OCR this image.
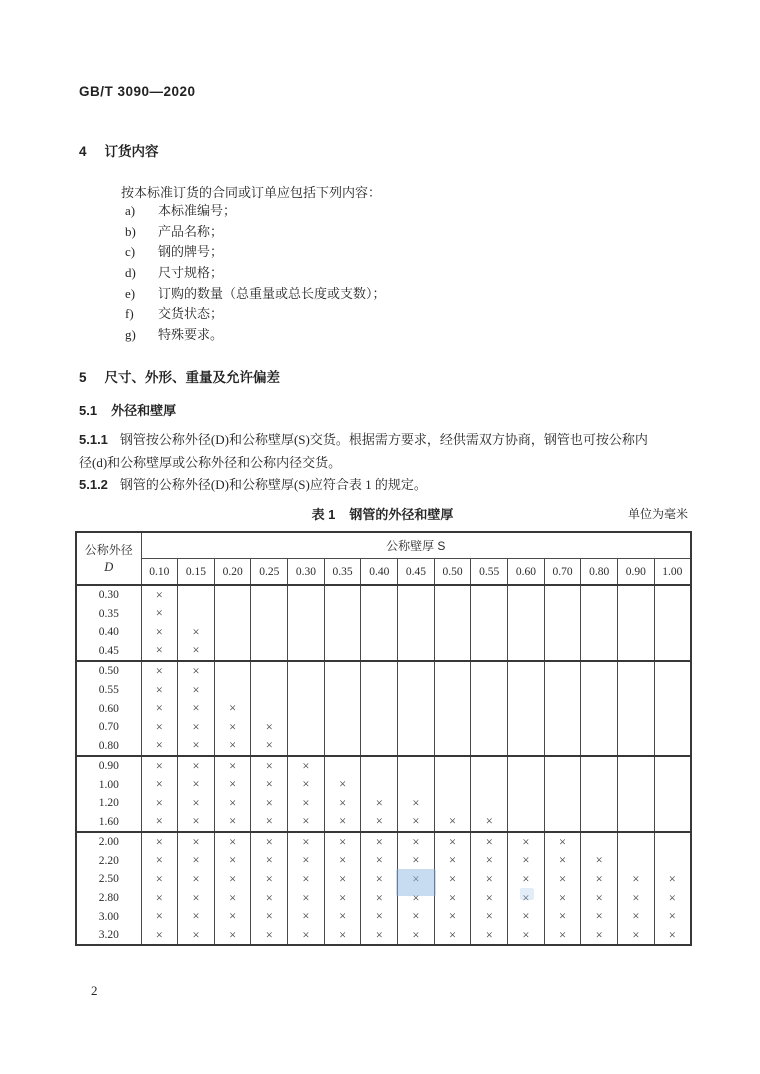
GB/T 3090—2020
4 订货内容
按本标准订货的合同或订单应包括下列内容：
a) 本标准编号；
b) 产品名称；
c) 钢的牌号；
d) 尺寸规格；
e) 订购的数量（总重量或总长度或支数）；
f) 交货状态；
g) 特殊要求。
5 尺寸、外形、重量及允许偏差
5.1 外径和壁厚
5.1.1 钢管按公称外径(D)和公称壁厚(S)交货。根据需方要求，经供需双方协商，钢管也可按公称内
径(d)和公称壁厚或公称外径和公称内径交货。
5.1.2 钢管的公称外径(D)和公称壁厚(S)应符合表 1 的规定。
表 1 钢管的外径和壁厚	单位为毫米
公称外径
D	公称壁厚 S														
	0.10	0.15	0.20	0.25	0.30	0.35	0.40	0.45	0.50	0.55	0.60	0.70	0.80	0.90	1.00
0.30	×														
0.35	×														
0.40	×	×													
0.45	×	×													
0.50	×	×													
0.55	×	×													
0.60	×	×	×												
0.70	×	×	×	×											
0.80	×	×	×	×											
0.90	×	×	×	×	×										
1.00	×	×	×	×	×	×									
1.20	×	×	×	×	×	×	×	×							
1.60	×	×	×	×	×	×	×	×	×	×					
2.00	×	×	×	×	×	×	×	×	×	×	×	×			
2.20	×	×	×	×	×	×	×	×	×	×	×	×	×		
2.50	×	×	×	×	×	×	×	×	×	×	×	×	×	×	×
2.80	×	×	×	×	×	×	×	×	×	×	×	×	×	×	×
3.00	×	×	×	×	×	×	×	×	×	×	×	×	×	×	×
3.20	×	×	×	×	×	×	×	×	×	×	×	×	×	×	×
2
